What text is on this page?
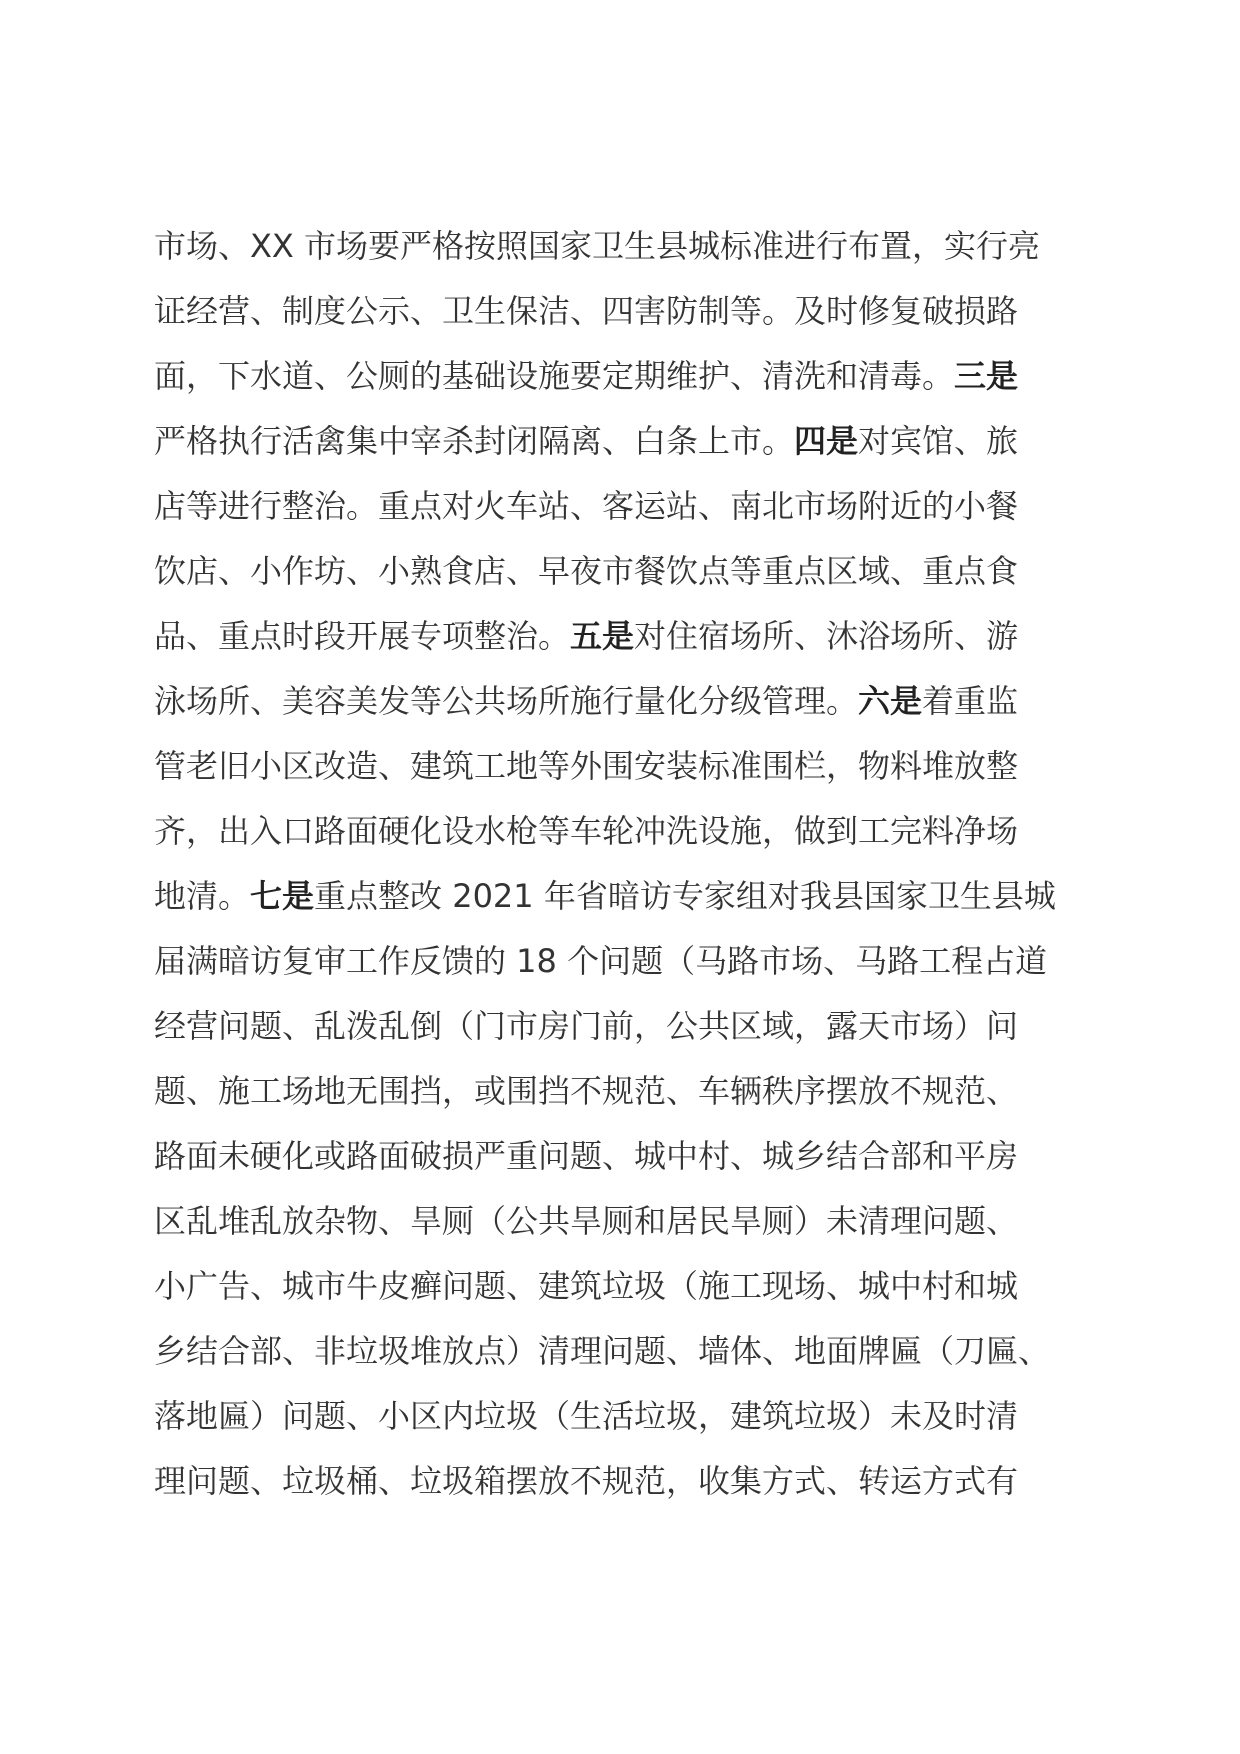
市场、XX 市场要严格按照国家卫生县城标准进行布置，实行亮
证经营、制度公示、卫生保洁、四害防制等。及时修复破损路
面，下水道、公厕的基础设施要定期维护、清洗和清毒。三是
严格执行活禽集中宰杀封闭隔离、白条上市。四是对宾馆、旅
店等进行整治。重点对火车站、客运站、南北市场附近的小餐
饮店、小作坊、小熟食店、早夜市餐饮点等重点区域、重点食
品、重点时段开展专项整治。五是对住宿场所、沐浴场所、游
泳场所、美容美发等公共场所施行量化分级管理。六是着重监
管老旧小区改造、建筑工地等外围安装标准围栏，物料堆放整
齐，出入口路面硬化设水枪等车轮冲洗设施，做到工完料净场
地清。七是重点整改 2021 年省暗访专家组对我县国家卫生县城
届满暗访复审工作反馈的 18 个问题（马路市场、马路工程占道
经营问题、乱泼乱倒（门市房门前，公共区域，露天市场）问
题、施工场地无围挡，或围挡不规范、车辆秩序摆放不规范、
路面未硬化或路面破损严重问题、城中村、城乡结合部和平房
区乱堆乱放杂物、旱厕（公共旱厕和居民旱厕）未清理问题、
小广告、城市牛皮癣问题、建筑垃圾（施工现场、城中村和城
乡结合部、非垃圾堆放点）清理问题、墙体、地面牌匾（刀匾、
落地匾）问题、小区内垃圾（生活垃圾，建筑垃圾）未及时清
理问题、垃圾桶、垃圾箱摆放不规范，收集方式、转运方式有
